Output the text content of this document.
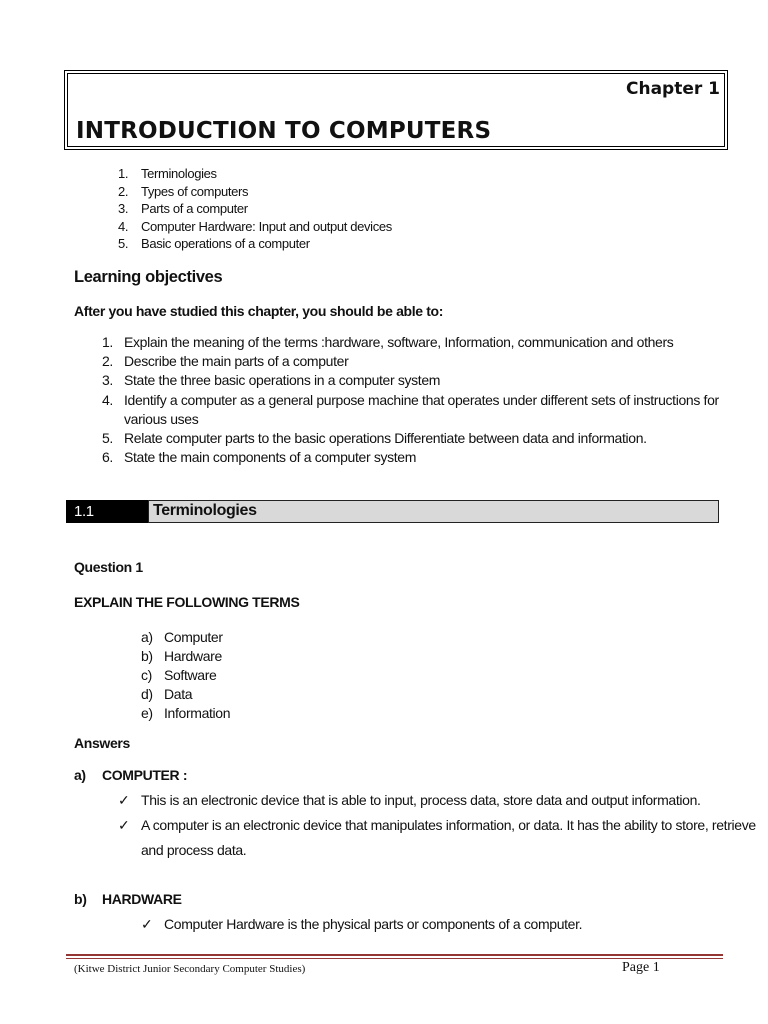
Chapter 1
INTRODUCTION TO COMPUTERS
1. Terminologies
2. Types of computers
3. Parts of a computer
4. Computer Hardware: Input and output devices
5. Basic operations of a computer
Learning objectives
After you have studied this chapter, you should be able to:
1. Explain the meaning of the terms :hardware, software, Information, communication and others
2. Describe the main parts of a computer
3. State the three basic operations in a computer system
4. Identify a computer as a general purpose machine that operates under different sets of instructions for
various uses
5. Relate computer parts to the basic operations Differentiate between data and information.
6. State the main components of a computer system
1.1	Terminologies
Question 1
EXPLAIN THE FOLLOWING TERMS
a) Computer
b) Hardware
c) Software
d) Data
e) Information
Answers
a) COMPUTER :
✓ This is an electronic device that is able to input, process data, store data and output information.
✓ A computer is an electronic device that manipulates information, or data. It has the ability to store, retrieve
and process data.
b) HARDWARE
✓ Computer Hardware is the physical parts or components of a computer.
(Kitwe District Junior Secondary Computer Studies)	Page 1
